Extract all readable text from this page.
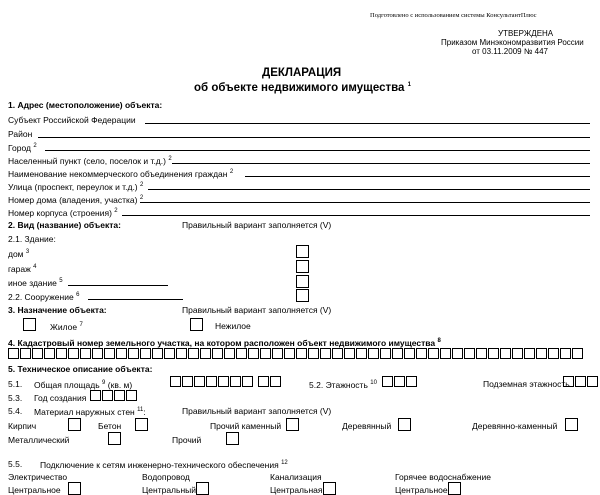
Подготовлено с использованием системы КонсультантПлюс
УТВЕРЖДЕНА
Приказом Минэкономразвития России
от 03.11.2009 № 447
ДЕКЛАРАЦИЯ
об объекте недвижимого имущества $^1$
1. Адрес (местоположение) объекта:
Субъект Российской Федерации
Район
Город $^2$
Населенный пункт (село, поселок и т.д.) $^2$
Наименование некоммерческого объединения граждан $^2$
Улица (проспект, переулок и т.д.) $^2$
Номер дома (владения, участка) $^2$
Номер корпуса (строения) $^2$
2. Вид (название) объекта:	Правильный вариант заполняется (V)
2.1. Здание:
дом $^3$
гараж $^4$
иное здание $^5$
2.2. Сооружение $^6$
3. Назначение объекта:	Правильный вариант заполняется (V)
Жилое $^7$	Нежилое
4. Кадастровый номер земельного участка, на котором расположен объект недвижимого имущества $^8$
5. Техническое описание объекта:
5.1. Общая площадь $^9$ (кв. м)	5.2. Этажность $^{10}$	Подземная этажность
5.3. Год создания
5.4. Материал наружных стен $^{11}$:	Правильный вариант заполняется (V)
Кирпич	Бетон	Прочий каменный	Деревянный	Деревянно-каменный
Металлический	Прочий
5.5. Подключение к сетям инженерно-технического обеспечения $^{12}$
Электричество	Водопровод	Канализация	Горячее водоснабжение
Центральное	Центральный	Центральная	Центральное
